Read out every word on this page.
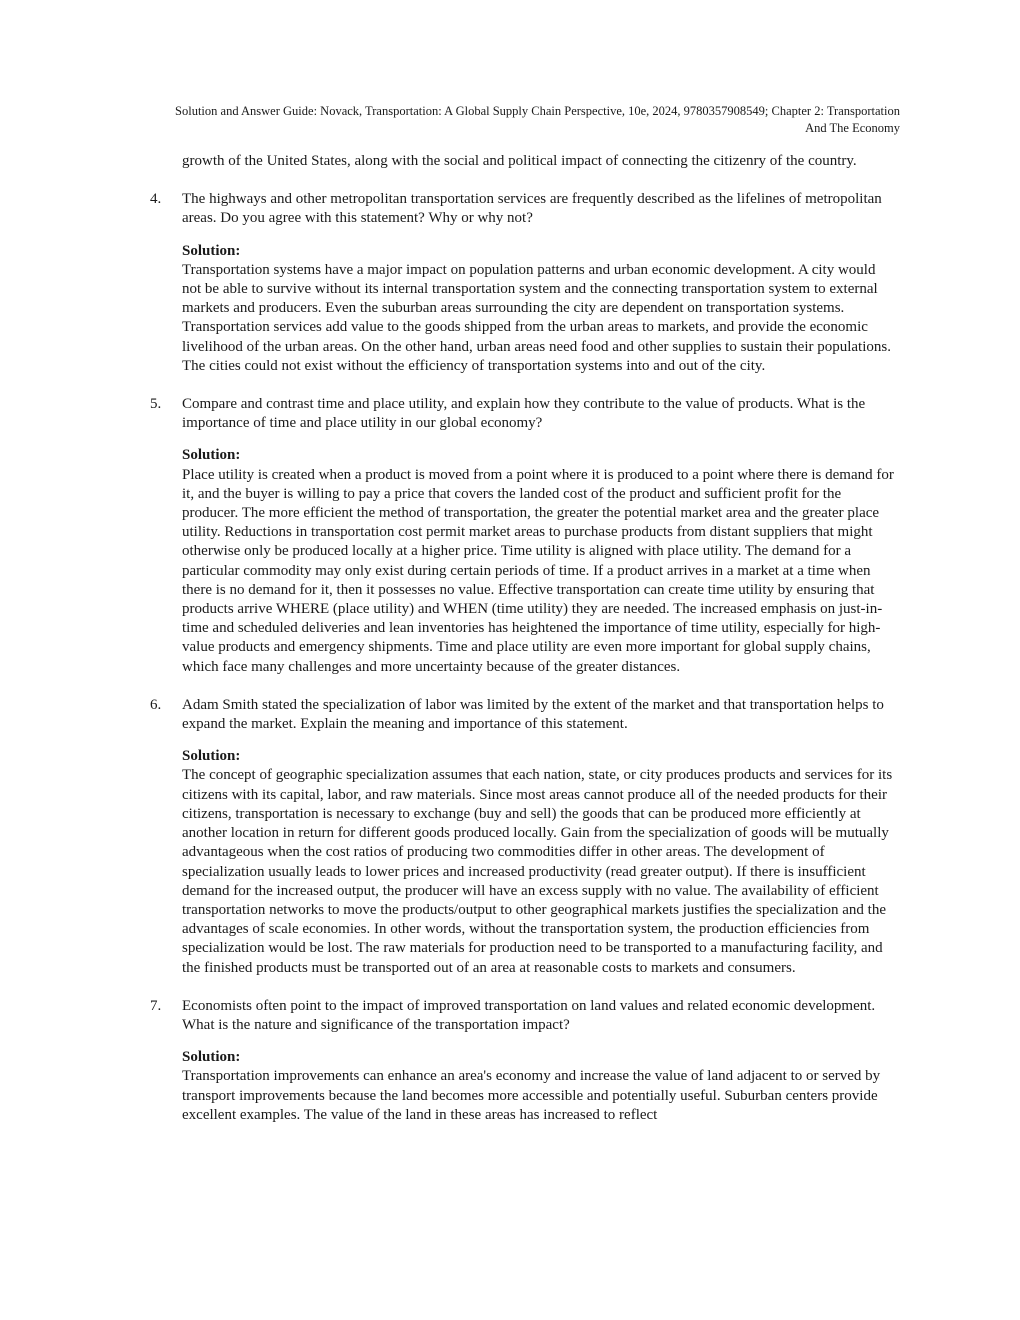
Solution and Answer Guide: Novack, Transportation: A Global Supply Chain Perspective, 10e, 2024, 9780357908549; Chapter 2: Transportation
And The Economy

growth of the United States, along with the social and political impact of connecting the citizenry of the country.

4.	The highways and other metropolitan transportation services are frequently described as the lifelines of metropolitan areas. Do you agree with this statement? Why or why not?
Solution:

Transportation systems have a major impact on population patterns and urban economic development. A city would not be able to survive without its internal transportation system and the connecting transportation system to external markets and producers. Even the suburban areas surrounding the city are dependent on transportation systems. Transportation services add value to the goods shipped from the urban areas to markets, and provide the economic livelihood of the urban areas. On the other hand, urban areas need food and other supplies to sustain their populations. The cities could not exist without the efficiency of transportation systems into and out of the city.

5.	Compare and contrast time and place utility, and explain how they contribute to the value of products. What is the importance of time and place utility in our global economy?
Solution:

Place utility is created when a product is moved from a point where it is produced to a point where there is demand for it, and the buyer is willing to pay a price that covers the landed cost of the product and sufficient profit for the producer. The more efficient the method of transportation, the greater the potential market area and the greater place utility. Reductions in transportation cost permit market areas to purchase products from distant suppliers that might otherwise only be produced locally at a higher price. Time utility is aligned with place utility. The demand for a particular commodity may only exist during certain periods of time. If a product arrives in a market at a time when there is no demand for it, then it possesses no value. Effective transportation can create time utility by ensuring that products arrive WHERE (place utility) and WHEN (time utility) they are needed. The increased emphasis on just-in-time and scheduled deliveries and lean inventories has heightened the importance of time utility, especially for high-value products and emergency shipments. Time and place utility are even more important for global supply chains, which face many challenges and more uncertainty because of the greater distances.

6.	Adam Smith stated the specialization of labor was limited by the extent of the market and that transportation helps to expand the market. Explain the meaning and importance of this statement.
Solution:

The concept of geographic specialization assumes that each nation, state, or city produces products and services for its citizens with its capital, labor, and raw materials. Since most areas cannot produce all of the needed products for their citizens, transportation is necessary to exchange (buy and sell) the goods that can be produced more efficiently at another location in return for different goods produced locally. Gain from the specialization of goods will be mutually advantageous when the cost ratios of producing two commodities differ in other areas. The development of specialization usually leads to lower prices and increased productivity (read greater output). If there is insufficient demand for the increased output, the producer will have an excess supply with no value. The availability of efficient transportation networks to move the products/output to other geographical markets justifies the specialization and the advantages of scale economies. In other words, without the transportation system, the production efficiencies from specialization would be lost. The raw materials for production need to be transported to a manufacturing facility, and the finished products must be transported out of an area at reasonable costs to markets and consumers.

7.	Economists often point to the impact of improved transportation on land values and related economic development. What is the nature and significance of the transportation impact?
Solution:

Transportation improvements can enhance an area's economy and increase the value of land adjacent to or served by transport improvements because the land becomes more accessible and potentially useful. Suburban centers provide excellent examples. The value of the land in these areas has increased to reflect
